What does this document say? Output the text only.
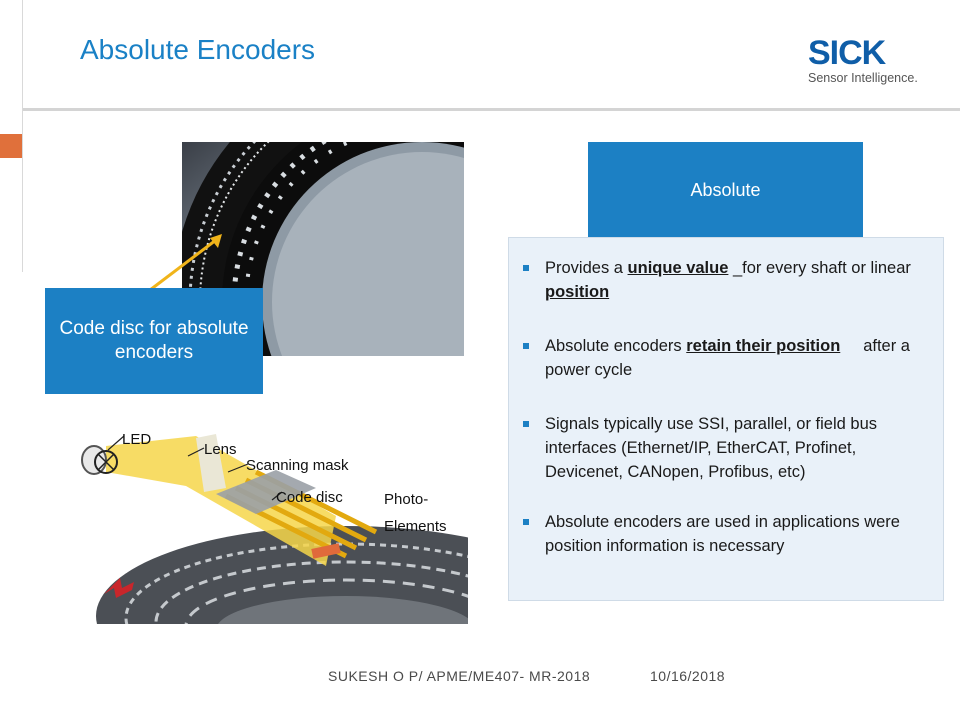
Absolute Encoders	SICK
Sensor Intelligence.
Code disc for absolute encoders
LED
Lens
Scanning mask
Code disc	Photo-
Elements
Absolute
Provides a unique value _for every shaft or linear position
Absolute encoders retain their position     after a power cycle
Signals typically use SSI, parallel, or field bus interfaces (Ethernet/IP, EtherCAT, Profinet, Devicenet, CANopen, Profibus, etc)
Absolute encoders are used in applications were position information is necessary
SUKESH O P/ APME/ME407- MR-2018	10/16/2018
